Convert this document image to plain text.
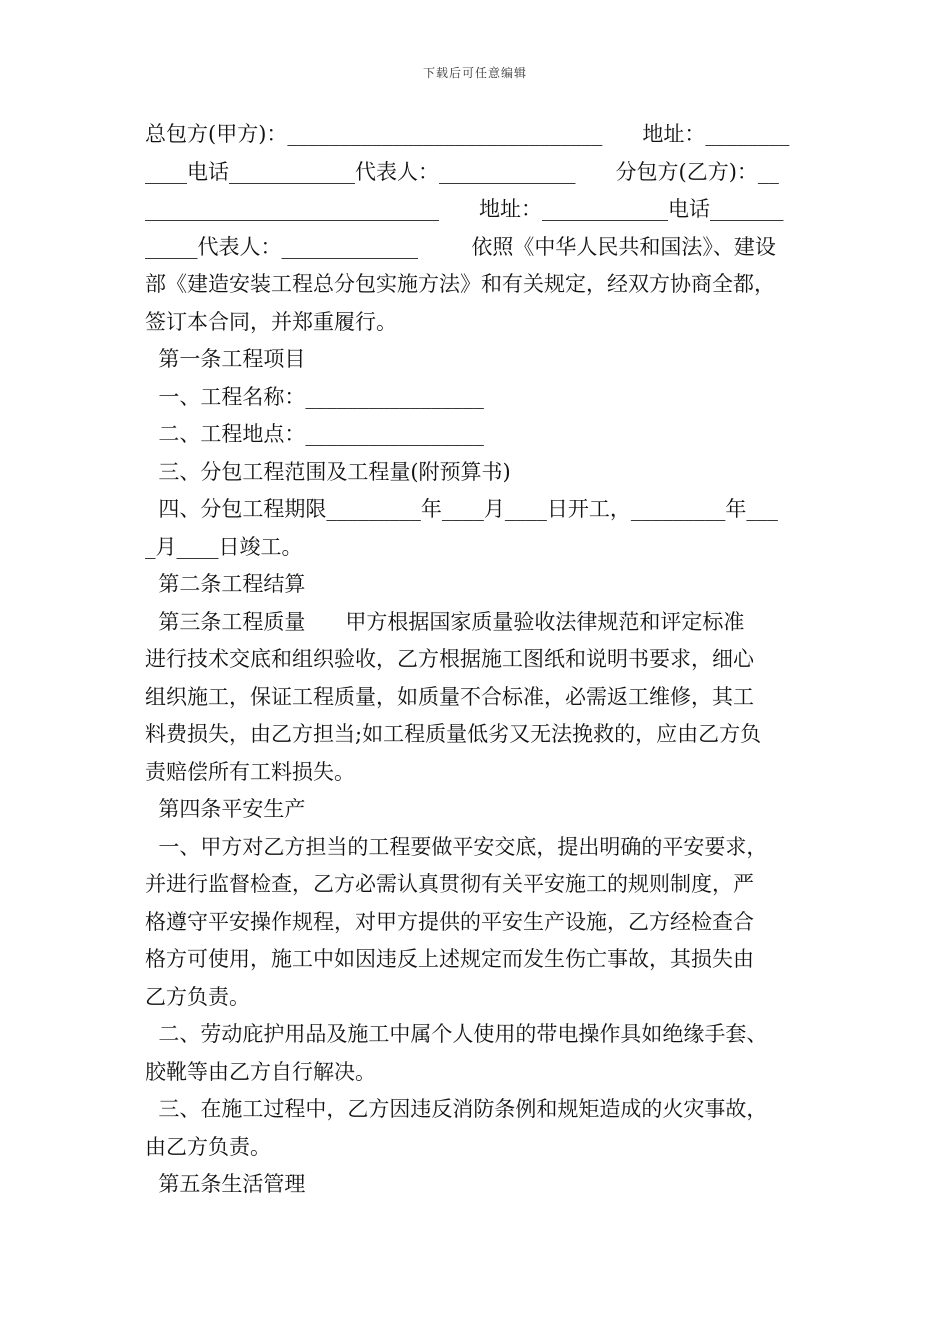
下载后可任意编辑
总包方(甲方)：______________________________      地址：________
____电话____________代表人：_____________      分包方(乙方)：__
____________________________      地址：____________电话_______
_____代表人：_____________        依照《中华人民共和国法》、建设
部《建造安装工程总分包实施方法》和有关规定，经双方协商全都，
签订本合同，并郑重履行。
第一条工程项目
一、工程名称：_________________
二、工程地点：_________________
三、分包工程范围及工程量(附预算书)
四、分包工程期限_________年____月____日开工，_________年___
_月____日竣工。
第二条工程结算
第三条工程质量      甲方根据国家质量验收法律规范和评定标准
进行技术交底和组织验收，乙方根据施工图纸和说明书要求，细心
组织施工，保证工程质量，如质量不合标准，必需返工维修，其工
料费损失，由乙方担当;如工程质量低劣又无法挽救的，应由乙方负
责赔偿所有工料损失。
第四条平安生产
一、甲方对乙方担当的工程要做平安交底，提出明确的平安要求，
并进行监督检查，乙方必需认真贯彻有关平安施工的规则制度，严
格遵守平安操作规程，对甲方提供的平安生产设施，乙方经检查合
格方可使用，施工中如因违反上述规定而发生伤亡事故，其损失由
乙方负责。
二、劳动庇护用品及施工中属个人使用的带电操作具如绝缘手套、
胶靴等由乙方自行解决。
三、在施工过程中，乙方因违反消防条例和规矩造成的火灾事故，
由乙方负责。
第五条生活管理
